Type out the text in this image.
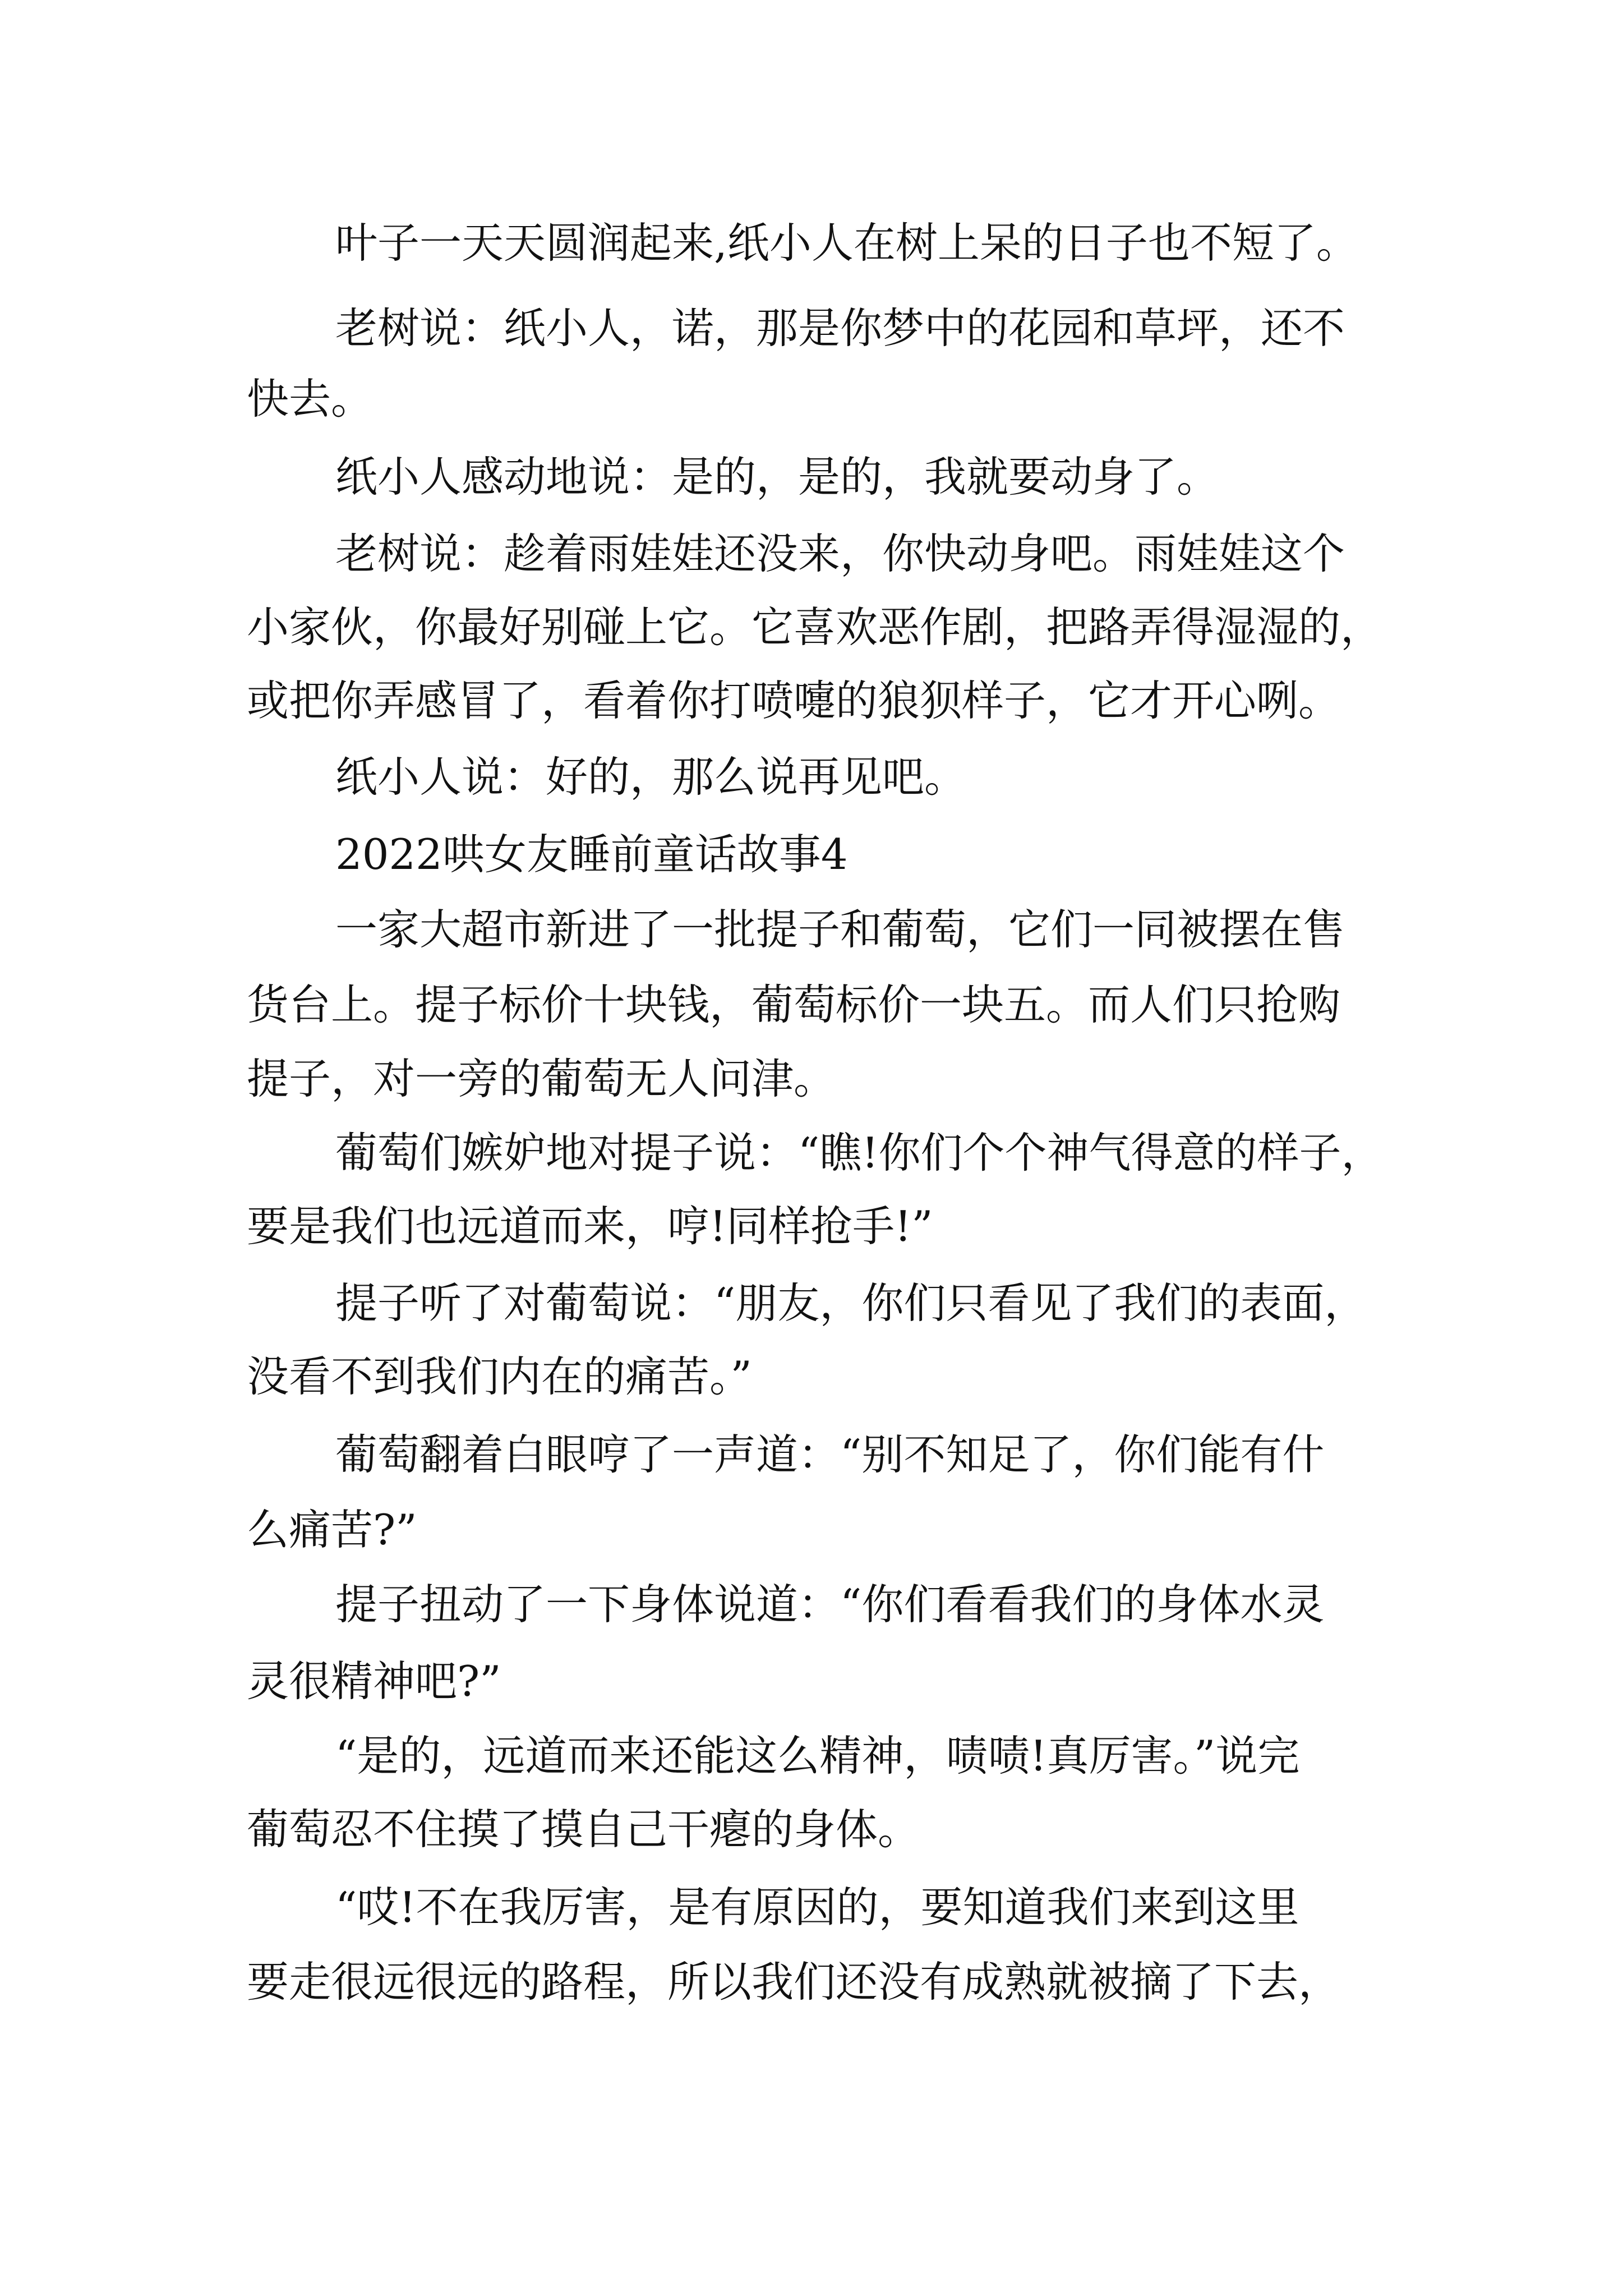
叶子一天天圆润起来,纸小人在树上呆的日子也不短了。

老树说：纸小人，诺，那是你梦中的花园和草坪，还不

快去。

纸小人感动地说：是的，是的，我就要动身了。

老树说：趁着雨娃娃还没来，你快动身吧。雨娃娃这个

小家伙，你最好别碰上它。它喜欢恶作剧，把路弄得湿湿的，

或把你弄感冒了，看着你打喷嚏的狼狈样子，它才开心咧。

纸小人说：好的，那么说再见吧。

2022哄女友睡前童话故事4

一家大超市新进了一批提子和葡萄，它们一同被摆在售

货台上。提子标价十块钱，葡萄标价一块五。而人们只抢购

提子，对一旁的葡萄无人问津。

葡萄们嫉妒地对提子说：“瞧!你们个个神气得意的样子，

要是我们也远道而来，哼!同样抢手!”

提子听了对葡萄说：“朋友，你们只看见了我们的表面，

没看不到我们内在的痛苦。”

葡萄翻着白眼哼了一声道：“别不知足了，你们能有什

么痛苦?”

提子扭动了一下身体说道：“你们看看我们的身体水灵

灵很精神吧?”

“是的，远道而来还能这么精神，啧啧!真厉害。”说完

葡萄忍不住摸了摸自己干瘪的身体。

“哎!不在我厉害，是有原因的，要知道我们来到这里

要走很远很远的路程，所以我们还没有成熟就被摘了下去，
